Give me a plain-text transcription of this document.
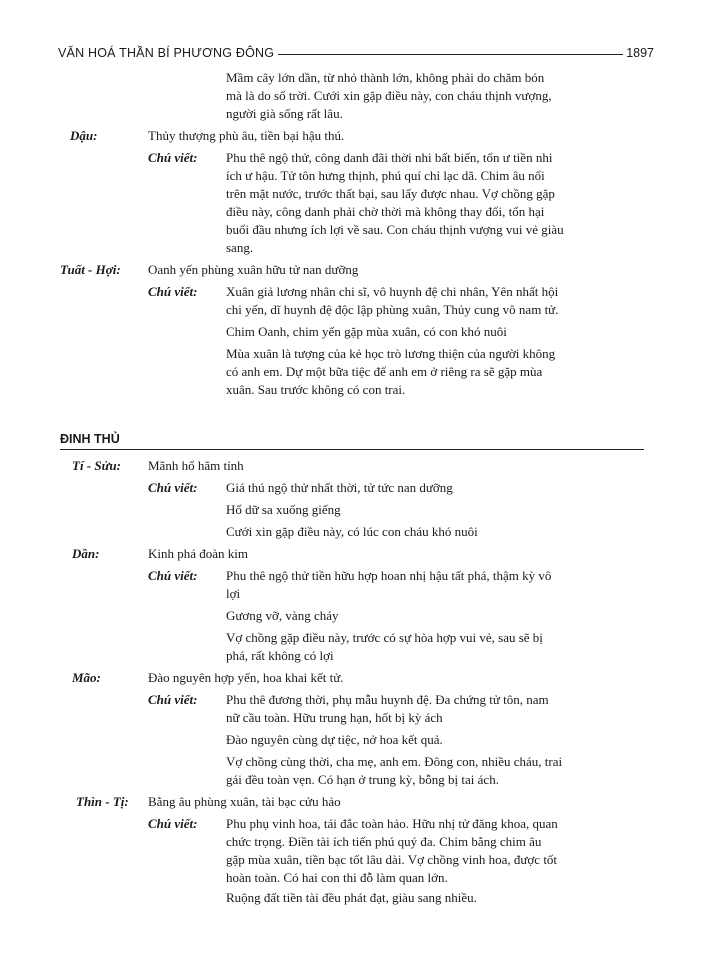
VĂN HOÁ THẦN BÍ PHƯƠNG ĐÔNG	1897
ĐINH THỦ
Mầm cây lớn dần, từ nhỏ thành lớn, không phải do chăm bón
mà là do số trời. Cưới xin gặp điều này, con cháu thịnh vượng,
người già sống rất lâu.
Dậu:	Thủy thượng phù âu, tiền bại hậu thú.
Chú viết: Phu thê ngộ thử, công danh đãi thời nhi bất biến, tổn ư tiền nhi
ích ư hậu. Tử tôn hưng thịnh, phú quí chỉ lạc dã. Chim âu nổi
trên mặt nước, trước thất bại, sau lấy được nhau. Vợ chồng gặp
điều này, công danh phải chờ thời mà không thay đổi, tổn hại
buổi đầu nhưng ích lợi về sau. Con cháu thịnh vượng vui vẻ giàu
sang.
Tuất - Hợi: Oanh yến phùng xuân hữu tử nan dưỡng
Chú viết: Xuân giả lương nhân chi sĩ, vô huynh đệ chi nhân, Yên nhất hội
chi yến, dĩ huynh đệ độc lập phùng xuân, Thủy cung vô nam tử.
Chim Oanh, chim yến gặp mùa xuân, có con khó nuôi
Mùa xuân là tượng của kẻ học trò lương thiện của người không
có anh em. Dự một bữa tiệc để anh em ở riêng ra sẽ gặp mùa
xuân. Sau trước không có con trai.
Tí - Sửu: Mãnh hổ hãm tỉnh
Chú viết: Giá thú ngộ thử nhất thời, tử tức nan dưỡng
Hổ dữ sa xuống giếng
Cưới xin gặp điều này, có lúc con cháu khó nuôi
Dần:	Kinh phá đoàn kim
Chú viết: Phu thê ngộ thử tiền hữu hợp hoan nhị hậu tất phá, thậm kỳ vô
lợi
Gương vỡ, vàng cháy
Vợ chồng gặp điều này, trước có sự hòa hợp vui vẻ, sau sẽ bị
phá, rất không có lợi
Mão:	Đào nguyên hợp yến, hoa khai kết tử.
Chú viết: Phu thê đương thời, phụ mẫu huynh đệ. Đa chứng tử tôn, nam
nữ cầu toàn. Hữu trung hạn, hốt bị kỳ ách
Đào nguyên cùng dự tiệc, nở hoa kết quả.
Vợ chồng cùng thời, cha mẹ, anh em. Đông con, nhiều cháu, trai
gái đều toàn vẹn. Có hạn ở trung kỳ, bỗng bị tai ách.
Thìn - Tị: Bằng âu phùng xuân, tài bạc cửu hảo
Chú viết: Phu phụ vinh hoa, tái đắc toàn hảo. Hữu nhị tử đăng khoa, quan
chức trọng. Điền tài ích tiến phú quý đa. Chim bằng chim âu
gặp mùa xuân, tiền bạc tốt lâu dài. Vợ chồng vinh hoa, được tốt
hoàn toàn. Có hai con thi đỗ làm quan lớn.
Ruộng đất tiền tài đều phát đạt, giàu sang nhiều.
